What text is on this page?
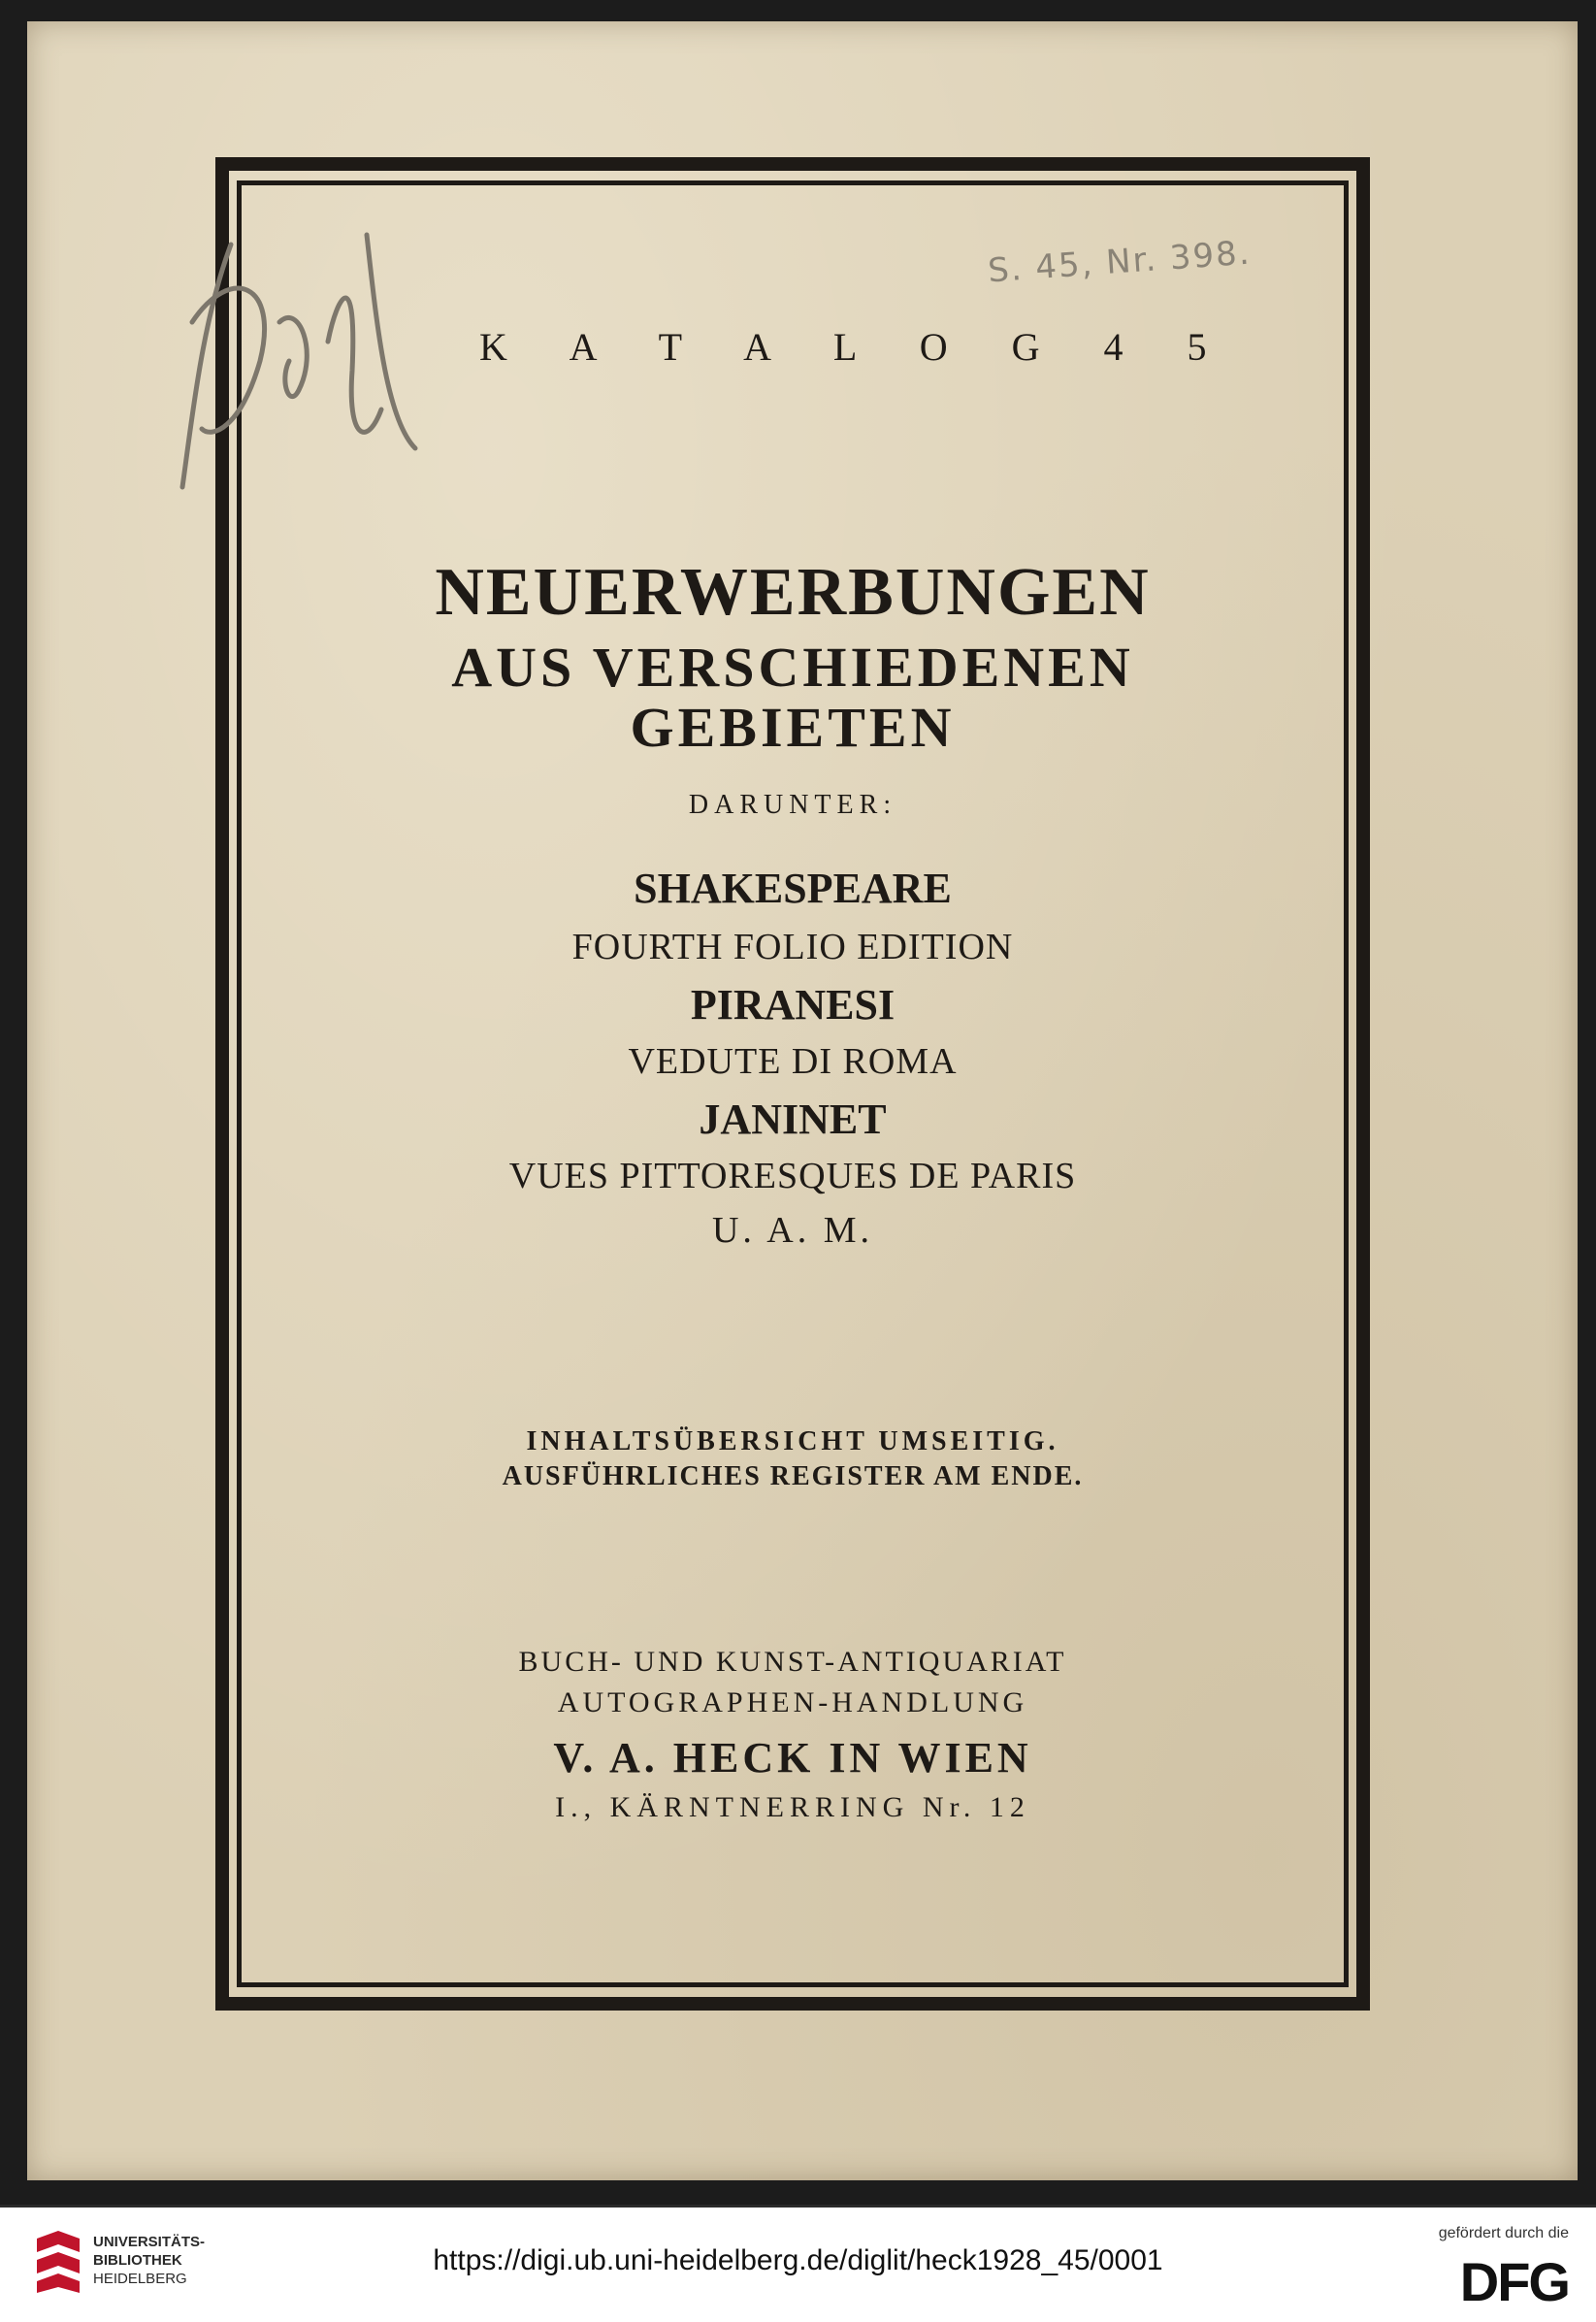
S. 45, Nr. 398.
K A T A L O G 4 5
NEUERWERBUNGEN
AUS VERSCHIEDENEN
GEBIETEN
DARUNTER:
SHAKESPEARE
FOURTH FOLIO EDITION
PIRANESI
VEDUTE DI ROMA
JANINET
VUES PITTORESQUES DE PARIS
U. A. M.
INHALTSÜBERSICHT UMSEITIG.
AUSFÜHRLICHES REGISTER AM ENDE.
BUCH- UND KUNST-ANTIQUARIAT
AUTOGRAPHEN-HANDLUNG
V. A. HECK IN WIEN
I., KÄRNTNERRING Nr. 12
UNIVERSITÄTS-
BIBLIOTHEK
HEIDELBERG
https://digi.ub.uni-heidelberg.de/diglit/heck1928_45/0001
gefördert durch die
DFG
